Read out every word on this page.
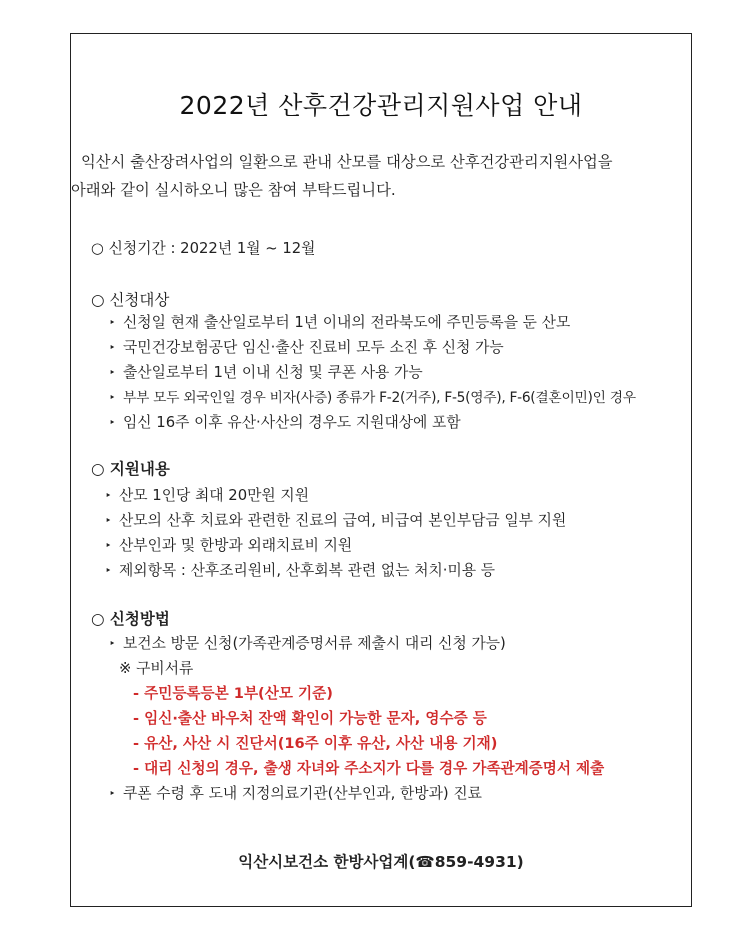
2022년 산후건강관리지원사업 안내
익산시 출산장려사업의 일환으로 관내 산모를 대상으로 산후건강관리지원사업을
아래와 같이 실시하오니 많은 참여 부탁드립니다.
○ 신청기간 : 2022년 1월 ~ 12월
○ 신청대상
‣ 신청일 현재 출산일로부터 1년 이내의 전라북도에 주민등록을 둔 산모
‣ 국민건강보험공단 임신·출산 진료비 모두 소진 후 신청 가능
‣ 출산일로부터 1년 이내 신청 및 쿠폰 사용 가능
‣ 부부 모두 외국인일 경우 비자(사증) 종류가 F-2(거주), F-5(영주), F-6(결혼이민)인 경우
‣ 임신 16주 이후 유산·사산의 경우도 지원대상에 포함
○ 지원내용
‣ 산모 1인당 최대 20만원 지원
‣ 산모의 산후 치료와 관련한 진료의 급여, 비급여 본인부담금 일부 지원
‣ 산부인과 및 한방과 외래치료비 지원
‣ 제외항목 : 산후조리원비, 산후회복 관련 없는 처치·미용 등
○ 신청방법
‣ 보건소 방문 신청(가족관계증명서류 제출시 대리 신청 가능)
※ 구비서류
- 주민등록등본 1부(산모 기준)
- 임신·출산 바우처 잔액 확인이 가능한 문자, 영수증 등
- 유산, 사산 시 진단서(16주 이후 유산, 사산 내용 기재)
- 대리 신청의 경우, 출생 자녀와 주소지가 다를 경우 가족관계증명서 제출
‣ 쿠폰 수령 후 도내 지정의료기관(산부인과, 한방과) 진료
익산시보건소 한방사업계(☎859-4931)
